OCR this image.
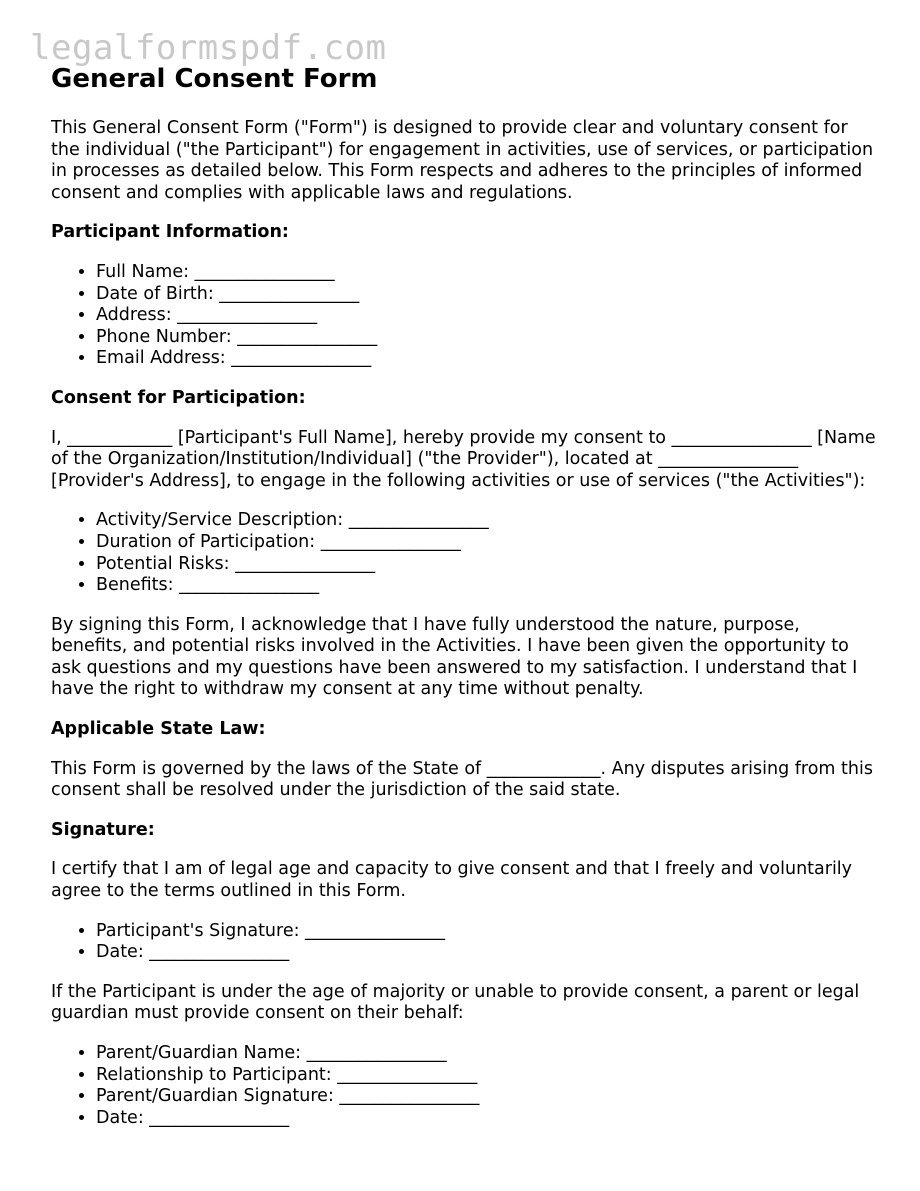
legalformspdf.com
General Consent Form

This General Consent Form ("Form") is designed to provide clear and voluntary consent for the individual ("the Participant") for engagement in activities, use of services, or participation in processes as detailed below. This Form respects and adheres to the principles of informed consent and complies with applicable laws and regulations.

Participant Information:
• Full Name: ________________
• Date of Birth: ________________
• Address: ________________
• Phone Number: ________________
• Email Address: ________________
Consent for Participation:

I, ____________ [Participant's Full Name], hereby provide my consent to ________________ [Name of the Organization/Institution/Individual] ("the Provider"), located at ________________ [Provider's Address], to engage in the following activities or use of services ("the Activities"):

• Activity/Service Description: ________________
• Duration of Participation: ________________
• Potential Risks: ________________
• Benefits: ________________

By signing this Form, I acknowledge that I have fully understood the nature, purpose, benefits, and potential risks involved in the Activities. I have been given the opportunity to ask questions and my questions have been answered to my satisfaction. I understand that I have the right to withdraw my consent at any time without penalty.

Applicable State Law:

This Form is governed by the laws of the State of _____________. Any disputes arising from this consent shall be resolved under the jurisdiction of the said state.

Signature:

I certify that I am of legal age and capacity to give consent and that I freely and voluntarily agree to the terms outlined in this Form.

• Participant's Signature: ________________
• Date: ________________

If the Participant is under the age of majority or unable to provide consent, a parent or legal guardian must provide consent on their behalf:

• Parent/Guardian Name: ________________
• Relationship to Participant: ________________
• Parent/Guardian Signature: ________________
• Date: ________________
